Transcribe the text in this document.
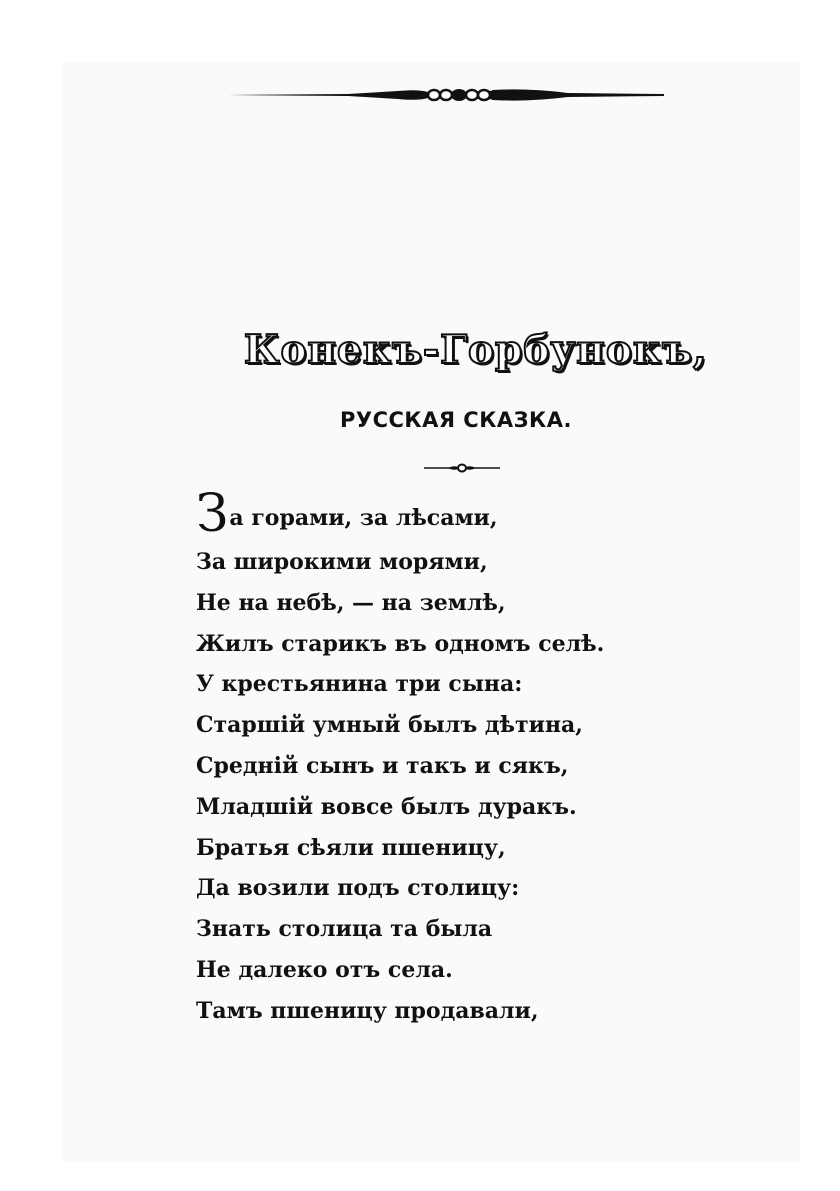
Конекъ-Горбунокъ,
РУССКАЯ СКАЗКА.
За горами, за лѣсами,
За широкими морями,
Не на небѣ, — на землѣ,
Жилъ старикъ въ одномъ селѣ.
У крестьянина три сына:
Старшій умный былъ дѣтина,
Средній сынъ и такъ и сякъ,
Младшій вовсе былъ дуракъ.
Братья сѣяли пшеницу,
Да возили подъ столицу:
Знать столица та была
Не далеко отъ села.
Тамъ пшеницу продавали,
